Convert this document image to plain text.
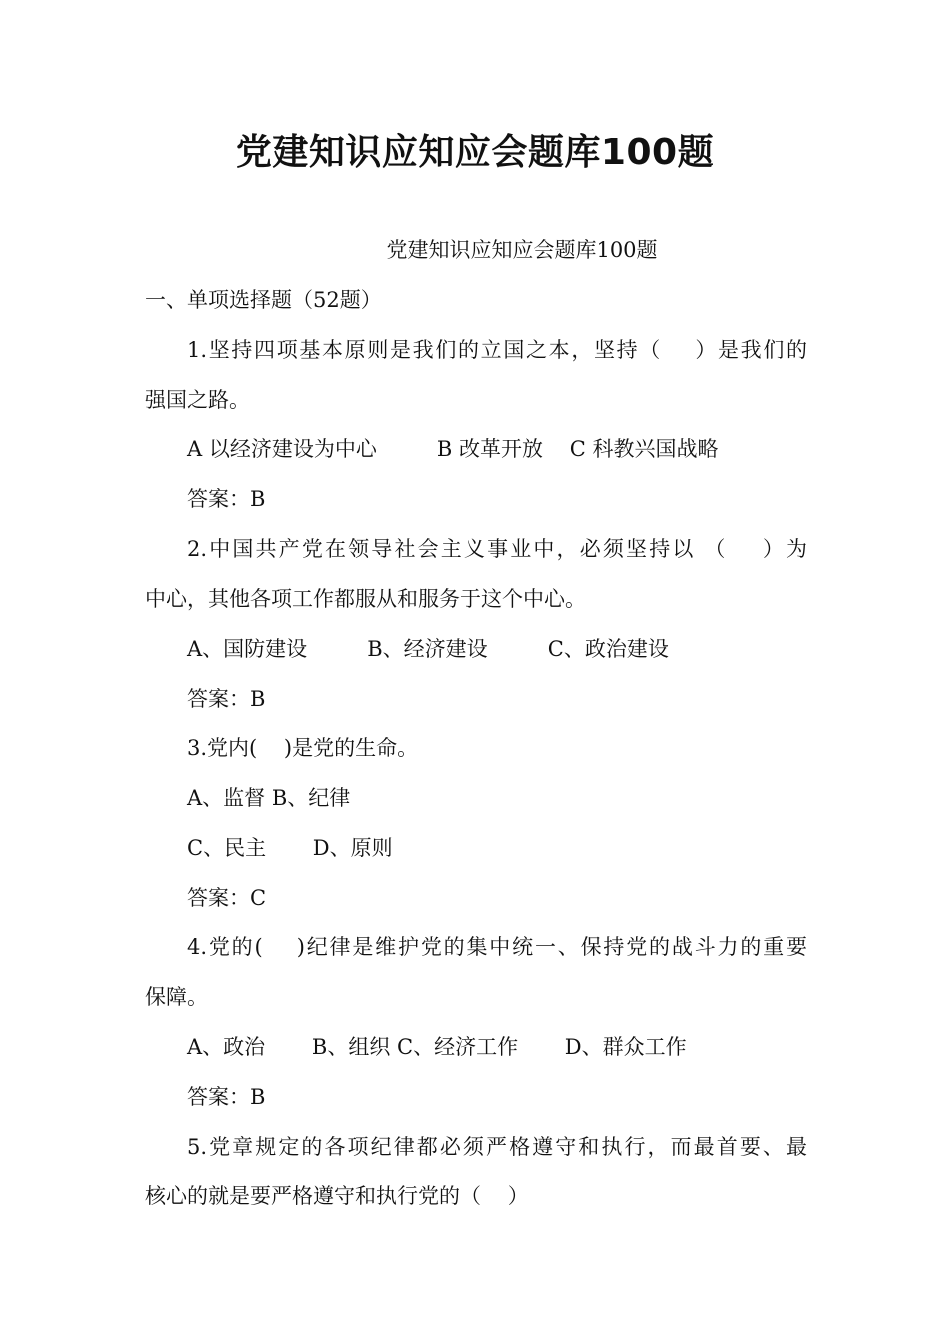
党建知识应知应会题库100题
党建知识应知应会题库100题
一、单项选择题（52题）
1.坚持四项基本原则是我们的立国之本，坚持（    ）是我们的
强国之路。
A 以经济建设为中心         B 改革开放    C 科教兴国战略
答案：B
2.中国共产党在领导社会主义事业中，必须坚持以 （    ）为
中心，其他各项工作都服从和服务于这个中心。
A、国防建设         B、经济建设         C、政治建设
答案：B
3.党内(    )是党的生命。
A、监督 B、纪律
C、民主       D、原则
答案：C
4.党的(    )纪律是维护党的集中统一、保持党的战斗力的重要
保障。
A、政治       B、组织 C、经济工作       D、群众工作
答案：B
5.党章规定的各项纪律都必须严格遵守和执行，而最首要、最
核心的就是要严格遵守和执行党的（    ）
